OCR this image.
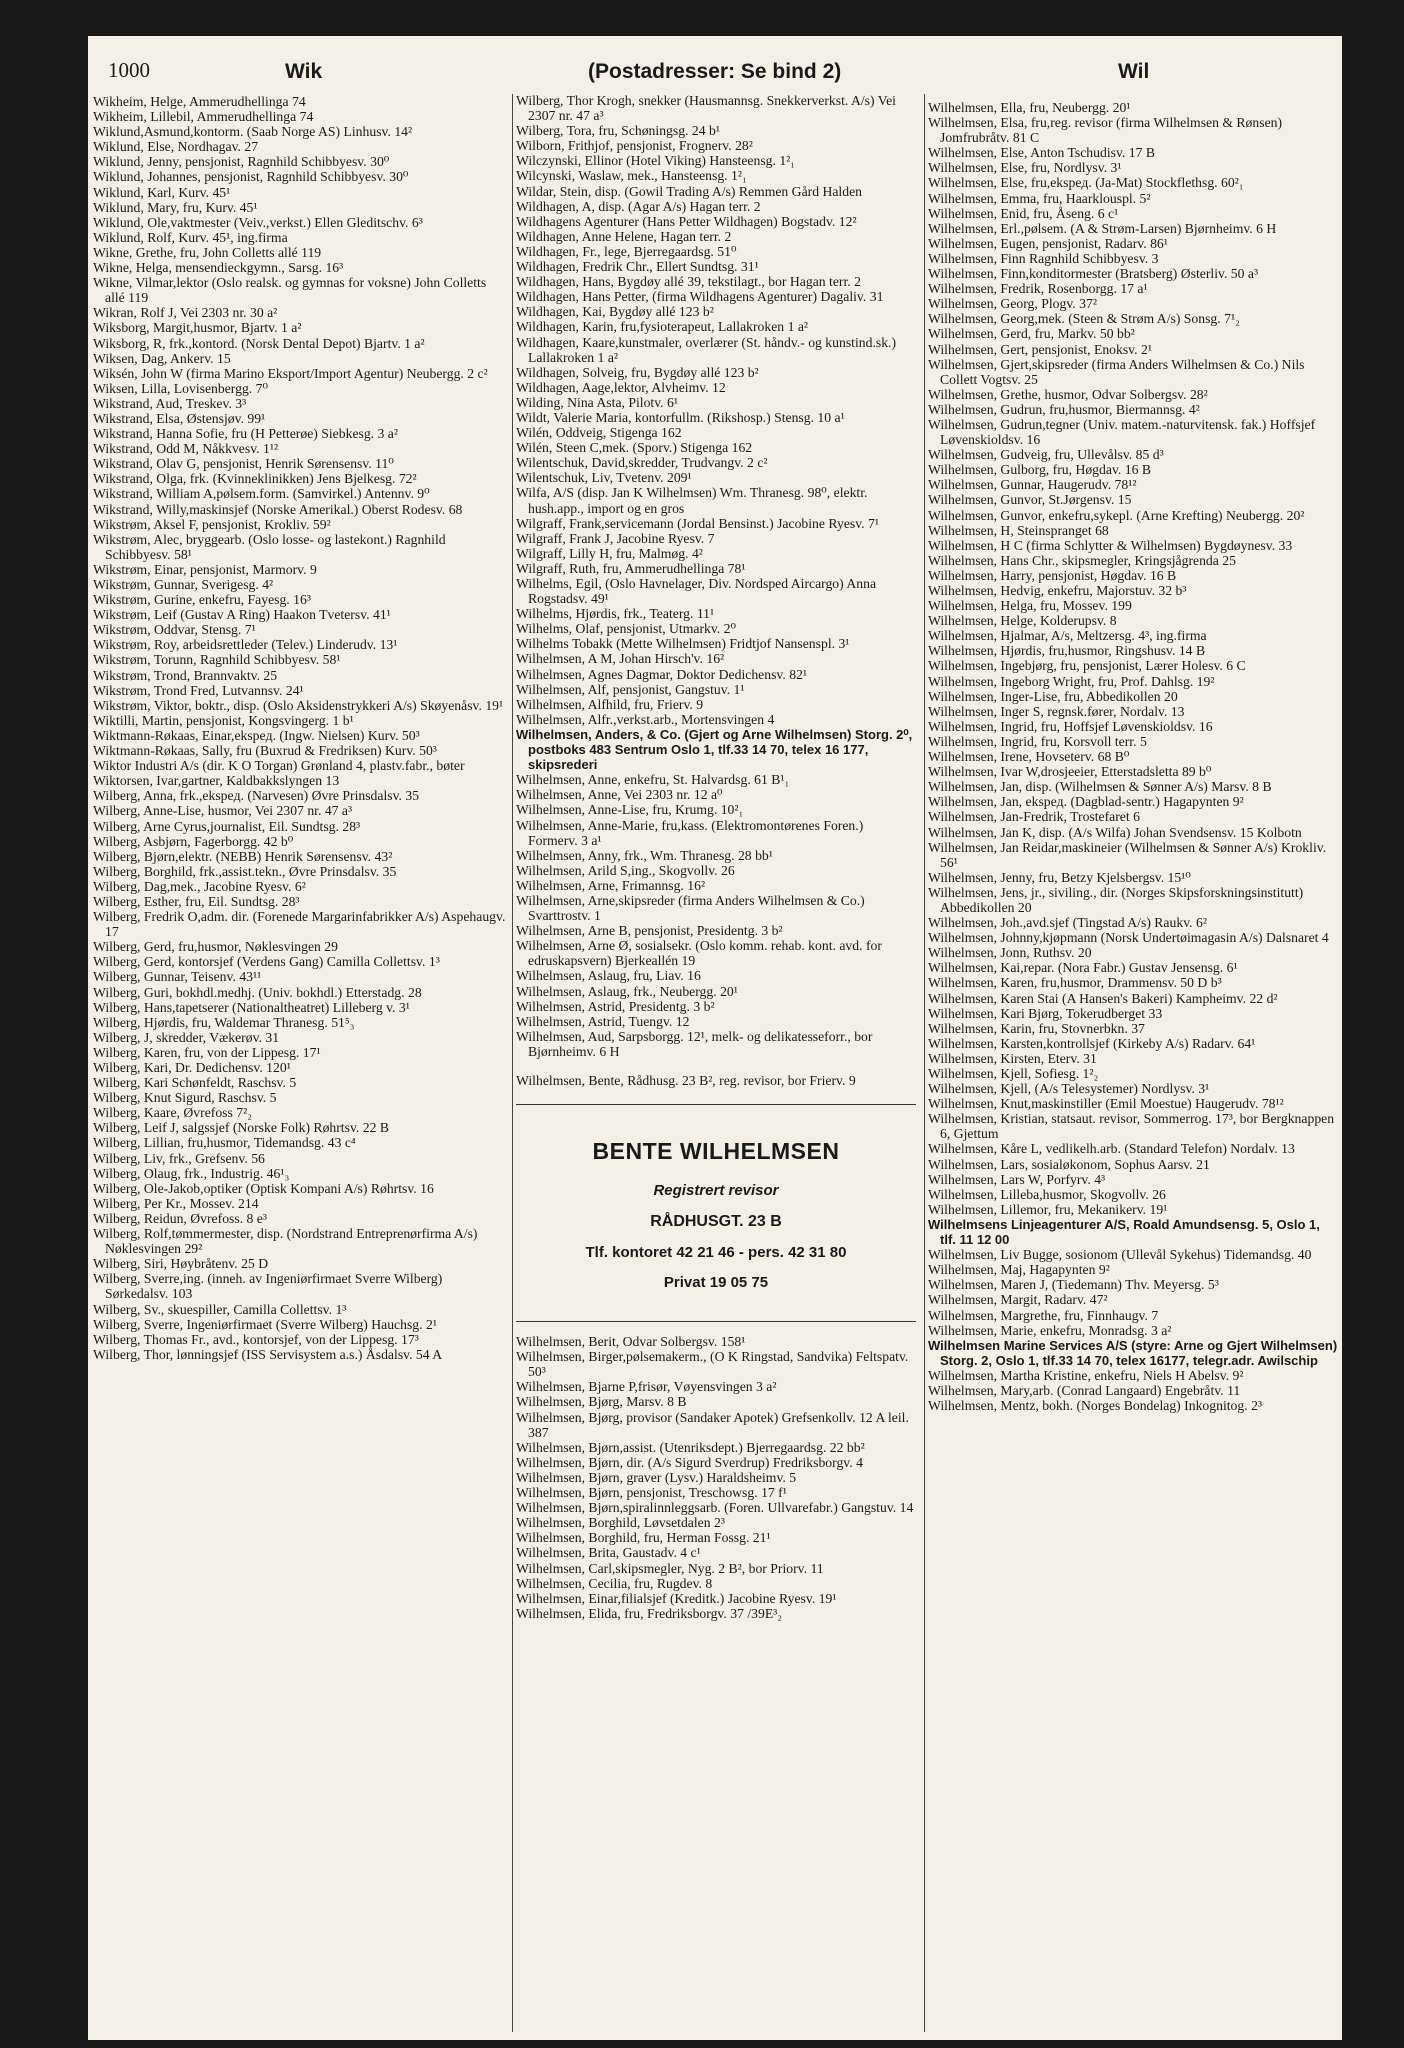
1000	Wik	(Postadresser: Se bind 2)	Wil
Wikheim, Helge, Ammerudhellinga 74
Wikheim, Lillebil, Ammerudhellinga 74
Wiklund,Asmund,kontorm. (Saab Norge AS) Linhusv. 14²
Wiklund, Else, Nordhagav. 27
Wiklund, Jenny, pensjonist, Ragnhild Schibbyesv. 30⁰
Wiklund, Johannes, pensjonist, Ragnhild Schibbyesv. 30⁰
Wiklund, Karl, Kurv. 45¹
Wiklund, Mary, fru, Kurv. 45¹
Wiklund, Ole,vaktmester (Veiv.,verkst.) Ellen Gleditschv. 6³
Wiklund, Rolf, Kurv. 45¹, ing.firma
Wikne, Grethe, fru, John Colletts allé 119
Wikne, Helga, mensendieckgymn., Sarsg. 16³
Wikne, Vilmar,lektor (Oslo realsk. og gymnas for voksne) John Colletts allé 119
Wikran, Rolf J, Vei 2303 nr. 30 a²
Wiksborg, Margit,husmor, Bjartv. 1 a²
Wiksborg, R, frk.,kontord. (Norsk Dental Depot) Bjartv. 1 a²
Wiksen, Dag, Ankerv. 15
Wiksén, John W (firma Marino Eksport/Import Agentur) Neubergg. 2 c²
Wiksen, Lilla, Lovisenbergg. 7⁰
Wikstrand, Aud, Treskev. 3³
Wikstrand, Elsa, Østensjøv. 99¹
Wikstrand, Hanna Sofie, fru (H Petterøe) Siebkesg. 3 a²
Wikstrand, Odd M, Nåkkvesv. 1¹²
Wikstrand, Olav G, pensjonist, Henrik Sørensensv. 11⁰
Wikstrand, Olga, frk. (Kvinneklinikken) Jens Bjelkesg. 72²
Wikstrand, William A,pølsem.form. (Samvirkel.) Antennv. 9⁰
Wikstrand, Willy,maskinsjef (Norske Amerikal.) Oberst Rodesv. 68
Wikstrøm, Aksel F, pensjonist, Krokliv. 59²
Wikstrøm, Alec, bryggearb. (Oslo losse- og lastekont.) Ragnhild Schibbyesv. 58¹
Wikstrøm, Einar, pensjonist, Marmorv. 9
Wikstrøm, Gunnar, Sverigesg. 4²
Wikstrøm, Gurine, enkefru, Fayesg. 16³
Wikstrøm, Leif (Gustav A Ring) Haakon Tvetersv. 41¹
Wikstrøm, Oddvar, Stensg. 7¹
Wikstrøm, Roy, arbeidsrettleder (Telev.) Linderudv. 13¹
Wikstrøm, Torunn, Ragnhild Schibbyesv. 58¹
Wikstrøm, Trond, Brannvaktv. 25
Wikstrøm, Trond Fred, Lutvannsv. 24¹
Wikstrøm, Viktor, boktr., disp. (Oslo Aksidenstrykkeri A/s) Skøyenåsv. 19¹
Wiktilli, Martin, pensjonist, Kongsvingerg. 1 b¹
Wiktmann-Røkaas, Einar,ekspeд. (Ingw. Nielsen) Kurv. 50³
Wiktmann-Røkaas, Sally, fru (Buxrud & Fredriksen) Kurv. 50³
Wiktor Industri A/s (dir. K O Torgan) Grønland 4, plastv.fabr., bøter
Wiktorsen, Ivar,gartner, Kaldbakkslyngen 13
Wilberg, Anna, frk.,ekspeд. (Narvesen) Øvre Prinsdalsv. 35
Wilberg, Anne-Lise, husmor, Vei 2307 nr. 47 a³
Wilberg, Arne Cyrus,journalist, Eil. Sundtsg. 28³
Wilberg, Asbjørn, Fagerborgg. 42 b⁰
Wilberg, Bjørn,elektr. (NEBB) Henrik Sørensensv. 43²
Wilberg, Borghild, frk.,assist.tekn., Øvre Prinsdalsv. 35
Wilberg, Dag,mek., Jacobine Ryesv. 6²
Wilberg, Esther, fru, Eil. Sundtsg. 28³
Wilberg, Fredrik O,adm. dir. (Forenede Margarinfabrikker A/s) Aspehaugv. 17
Wilberg, Gerd, fru,husmor, Nøklesvingen 29
Wilberg, Gerd, kontorsjef (Verdens Gang) Camilla Collettsv. 1³
Wilberg, Gunnar, Teisenv. 43¹¹
Wilberg, Guri, bokhdl.medhj. (Univ. bokhdl.) Etterstadg. 28
Wilberg, Hans,tapetserer (Nationaltheatret) Lilleberg v. 3¹
Wilberg, Hjørdis, fru, Waldemar Thranesg. 51⁵₃
Wilberg, J, skredder, Vækerøv. 31
Wilberg, Karen, fru, von der Lippesg. 17¹
Wilberg, Kari, Dr. Dedichensv. 120¹
Wilberg, Kari Schønfeldt, Raschsv. 5
Wilberg, Knut Sigurd, Raschsv. 5
Wilberg, Kaare, Øvrefoss 7²₂
Wilberg, Leif J, salgssjef (Norske Folk) Røhrtsv. 22 B
Wilberg, Lillian, fru,husmor, Tidemandsg. 43 c⁴
Wilberg, Liv, frk., Grefsenv. 56
Wilberg, Olaug, frk., Industrig. 46¹₃
Wilberg, Ole-Jakob,optiker (Optisk Kompani A/s) Røhrtsv. 16
Wilberg, Per Kr., Mossev. 214
Wilberg, Reidun, Øvrefoss. 8 e³
Wilberg, Rolf,tømmermester, disp. (Nordstrand Entreprenørfirma A/s) Nøklesvingen 29²
Wilberg, Siri, Høybråtenv. 25 D
Wilberg, Sverre,ing. (inneh. av Ingeniørfirmaet Sverre Wilberg) Sørkedalsv. 103
Wilberg, Sv., skuespiller, Camilla Collettsv. 1³
Wilberg, Sverre, Ingeniørfirmaet (Sverre Wilberg) Hauchsg. 2¹
Wilberg, Thomas Fr., avd., kontorsjef, von der Lippesg. 17³
Wilberg, Thor, lønningsjef (ISS Servisystem a.s.) Åsdalsv. 54 A
Wilberg, Thor Krogh, snekker (Hausmannsg. Snekkerverkst. A/s) Vei 2307 nr. 47 a³
Wilberg, Tora, fru, Schøningsg. 24 b¹
Wilborn, Frithjof, pensjonist, Frognerv. 28²
Wilczynski, Ellinor (Hotel Viking) Hansteensg. 1²₁
Wilcynski, Waslaw, mek., Hansteensg. 1²₁
Wildar, Stein, disp. (Gowil Trading A/s) Remmen Gård Halden
Wildhagen, A, disp. (Agar A/s) Hagan terr. 2
Wildhagens Agenturer (Hans Petter Wildhagen) Bogstadv. 12²
Wildhagen, Anne Helene, Hagan terr. 2
Wildhagen, Fr., lege, Bjerregaardsg. 51⁰
Wildhagen, Fredrik Chr., Ellert Sundtsg. 31¹
Wildhagen, Hans, Bygdøy allé 39, tekstilagt., bor Hagan terr. 2
Wildhagen, Hans Petter, (firma Wildhagens Agenturer) Dagaliv. 31
Wildhagen, Kai, Bygdøy allé 123 b²
Wildhagen, Karin, fru,fysioterapeut, Lallakroken 1 a²
Wildhagen, Kaare,kunstmaler, overlærer (St. håndv.- og kunstind.sk.) Lallakroken 1 a²
Wildhagen, Solveig, fru, Bygdøy allé 123 b²
Wildhagen, Aage,lektor, Alvheimv. 12
Wilding, Nina Asta, Pilotv. 6¹
Wildt, Valerie Maria, kontorfullm. (Rikshosp.) Stensg. 10 a¹
Wilén, Oddveig, Stigenga 162
Wilén, Steen C,mek. (Sporv.) Stigenga 162
Wilentschuk, David,skredder, Trudvangv. 2 c²
Wilentschuk, Liv, Tvetenv. 209¹
Wilfa, A/S (disp. Jan K Wilhelmsen) Wm. Thranesg. 98⁰, elektr. hush.app., import og en gros
Wilgraff, Frank,servicemann (Jordal Bensinst.) Jacobine Ryesv. 7¹
Wilgraff, Frank J, Jacobine Ryesv. 7
Wilgraff, Lilly H, fru, Malmøg. 4²
Wilgraff, Ruth, fru, Ammerudhellinga 78¹
Wilhelms, Egil, (Oslo Havnelager, Div. Nordsped Aircargo) Anna Rogstadsv. 49¹
Wilhelms, Hjørdis, frk., Teaterg. 11¹
Wilhelms, Olaf, pensjonist, Utmarkv. 2⁰
Wilhelms Tobakk (Mette Wilhelmsen) Fridtjof Nansenspl. 3¹
Wilhelmsen, A M, Johan Hirsch'v. 16²
Wilhelmsen, Agnes Dagmar, Doktor Dedichensv. 82¹
Wilhelmsen, Alf, pensjonist, Gangstuv. 1¹
Wilhelmsen, Alfhild, fru, Frierv. 9
Wilhelmsen, Alfr.,verkst.arb., Mortensvingen 4
Wilhelmsen, Anders, & Co. (Gjert og Arne Wilhelmsen) Storg. 2⁰, postboks 483 Sentrum Oslo 1, tlf.33 14 70, telex 16 177, skipsrederi
Wilhelmsen, Anne, enkefru, St. Halvardsg. 61 B¹₁
Wilhelmsen, Anne, Vei 2303 nr. 12 a⁰
Wilhelmsen, Anne-Lise, fru, Krumg. 10²₁
Wilhelmsen, Anne-Marie, fru,kass. (Elektromontørenes Foren.) Formerv. 3 a¹
Wilhelmsen, Anny, frk., Wm. Thranesg. 28 bb¹
Wilhelmsen, Arild S,ing., Skogvollv. 26
Wilhelmsen, Arne, Frimannsg. 16²
Wilhelmsen, Arne,skipsreder (firma Anders Wilhelmsen & Co.) Svarttrostv. 1
Wilhelmsen, Arne B, pensjonist, Presidentg. 3 b²
Wilhelmsen, Arne Ø, sosialsekr. (Oslo komm. rehab. kont. avd. for edruskapsvern) Bjerkeallén 19
Wilhelmsen, Aslaug, fru, Liav. 16
Wilhelmsen, Aslaug, frk., Neubergg. 20¹
Wilhelmsen, Astrid, Presidentg. 3 b²
Wilhelmsen, Astrid, Tuengv. 12
Wilhelmsen, Aud, Sarpsborgg. 12¹, melk- og delikatesseforr., bor Bjørnheimv. 6 H
Wilhelmsen, Bente, Rådhusg. 23 B², reg. revisor, bor Frierv. 9
BENTE WILHELMSEN
Registrert revisor
RÅDHUSGT. 23 B
Tlf. kontoret 42 21 46 - pers. 42 31 80
Privat 19 05 75
Wilhelmsen, Berit, Odvar Solbergsv. 158¹
Wilhelmsen, Birger,pølsemakerm., (O K Ringstad, Sandvika) Feltspatv. 50³
Wilhelmsen, Bjarne P,frisør, Vøyensvingen 3 a²
Wilhelmsen, Bjørg, Marsv. 8 B
Wilhelmsen, Bjørg, provisor (Sandaker Apotek) Grefsenkollv. 12 A leil. 387
Wilhelmsen, Bjørn,assist. (Utenriksdept.) Bjerregaardsg. 22 bb²
Wilhelmsen, Bjørn, dir. (A/s Sigurd Sverdrup) Fredriksborgv. 4
Wilhelmsen, Bjørn, graver (Lysv.) Haraldsheimv. 5
Wilhelmsen, Bjørn, pensjonist, Treschowsg. 17 f¹
Wilhelmsen, Bjørn,spiralinnleggsarb. (Foren. Ullvarefabr.) Gangstuv. 14
Wilhelmsen, Borghild, Løvsetdalen 2³
Wilhelmsen, Borghild, fru, Herman Fossg. 21¹
Wilhelmsen, Brita, Gaustadv. 4 c¹
Wilhelmsen, Carl,skipsmegler, Nyg. 2 B², bor Priorv. 11
Wilhelmsen, Cecilia, fru, Rugdev. 8
Wilhelmsen, Einar,filialsjef (Kreditk.) Jacobine Ryesv. 19¹
Wilhelmsen, Elida, fru, Fredriksborgv. 37 /39E³₂
Wilhelmsen, Ella, fru, Neubergg. 20¹
Wilhelmsen, Elsa, fru,reg. revisor (firma Wilhelmsen & Rønsen) Jomfrubråtv. 81 C
Wilhelmsen, Else, Anton Tschudisv. 17 B
Wilhelmsen, Else, fru, Nordlysv. 3¹
Wilhelmsen, Else, fru,ekspeд. (Ja-Mat) Stockflethsg. 60²₁
Wilhelmsen, Emma, fru, Haarklouspl. 5²
Wilhelmsen, Enid, fru, Åseng. 6 c¹
Wilhelmsen, Erl.,pølsem. (A & Strøm-Larsen) Bjørnheimv. 6 H
Wilhelmsen, Eugen, pensjonist, Radarv. 86¹
Wilhelmsen, Finn Ragnhild Schibbyesv. 3
Wilhelmsen, Finn,konditormester (Bratsberg) Østerliv. 50 a³
Wilhelmsen, Fredrik, Rosenborgg. 17 a¹
Wilhelmsen, Georg, Plogv. 37²
Wilhelmsen, Georg,mek. (Steen & Strøm A/s) Sonsg. 7¹₂
Wilhelmsen, Gerd, fru, Markv. 50 bb²
Wilhelmsen, Gert, pensjonist, Enoksv. 2¹
Wilhelmsen, Gjert,skipsreder (firma Anders Wilhelmsen & Co.) Nils Collett Vogtsv. 25
Wilhelmsen, Grethe, husmor, Odvar Solbergsv. 28²
Wilhelmsen, Gudrun, fru,husmor, Biermannsg. 4²
Wilhelmsen, Gudrun,tegner (Univ. matem.-naturvitensk. fak.) Hoffsjef Løvenskioldsv. 16
Wilhelmsen, Gudveig, fru, Ullevålsv. 85 d³
Wilhelmsen, Gulborg, fru, Høgdav. 16 B
Wilhelmsen, Gunnar, Haugerudv. 78¹²
Wilhelmsen, Gunvor, St.Jørgensv. 15
Wilhelmsen, Gunvor, enkefru,sykepl. (Arne Krefting) Neubergg. 20²
Wilhelmsen, H, Steinspranget 68
Wilhelmsen, H C (firma Schlytter & Wilhelmsen) Bygdøynesv. 33
Wilhelmsen, Hans Chr., skipsmegler, Kringsjågrenda 25
Wilhelmsen, Harry, pensjonist, Høgdav. 16 B
Wilhelmsen, Hedvig, enkefru, Majorstuv. 32 b³
Wilhelmsen, Helga, fru, Mossev. 199
Wilhelmsen, Helge, Kolderupsv. 8
Wilhelmsen, Hjalmar, A/s, Meltzersg. 4³, ing.firma
Wilhelmsen, Hjørdis, fru,husmor, Ringshusv. 14 B
Wilhelmsen, Ingebjørg, fru, pensjonist, Lærer Holesv. 6 C
Wilhelmsen, Ingeborg Wright, fru, Prof. Dahlsg. 19²
Wilhelmsen, Inger-Lise, fru, Abbedikollen 20
Wilhelmsen, Inger S, regnsk.fører, Nordalv. 13
Wilhelmsen, Ingrid, fru, Hoffsjef Løvenskioldsv. 16
Wilhelmsen, Ingrid, fru, Korsvoll terr. 5
Wilhelmsen, Irene, Hovseterv. 68 B⁰
Wilhelmsen, Ivar W,drosjeeier, Etterstadsletta 89 b⁰
Wilhelmsen, Jan, disp. (Wilhelmsen & Sønner A/s) Marsv. 8 B
Wilhelmsen, Jan, ekspeд. (Dagblad-sentr.) Hagapynten 9²
Wilhelmsen, Jan-Fredrik, Trostefaret 6
Wilhelmsen, Jan K, disp. (A/s Wilfa) Johan Svendsensv. 15 Kolbotn
Wilhelmsen, Jan Reidar,maskineier (Wilhelmsen & Sønner A/s) Krokliv. 56¹
Wilhelmsen, Jenny, fru, Betzy Kjelsbergsv. 15¹⁰
Wilhelmsen, Jens, jr., siviling., dir. (Norges Skipsforskningsinstitutt) Abbedikollen 20
Wilhelmsen, Joh.,avd.sjef (Tingstad A/s) Raukv. 6²
Wilhelmsen, Johnny,kjøpmann (Norsk Undertøimagasin A/s) Dalsnaret 4
Wilhelmsen, Jonn, Ruthsv. 20
Wilhelmsen, Kai,repar. (Nora Fabr.) Gustav Jensensg. 6¹
Wilhelmsen, Karen, fru,husmor, Drammensv. 50 D b³
Wilhelmsen, Karen Stai (A Hansen's Bakeri) Kampheimv. 22 d²
Wilhelmsen, Kari Bjørg, Tokerudberget 33
Wilhelmsen, Karin, fru, Stovnerbkn. 37
Wilhelmsen, Karsten,kontrollsjef (Kirkeby A/s) Radarv. 64¹
Wilhelmsen, Kirsten, Eterv. 31
Wilhelmsen, Kjell, Sofiesg. 1²₂
Wilhelmsen, Kjell, (A/s Telesystemer) Nordlysv. 3¹
Wilhelmsen, Knut,maskinstiller (Emil Moestue) Haugerudv. 78¹²
Wilhelmsen, Kristian, statsaut. revisor, Sommerrog. 17³, bor Bergknappen 6, Gjettum
Wilhelmsen, Kåre L, vedlikelh.arb. (Standard Telefon) Nordalv. 13
Wilhelmsen, Lars, sosialøkonom, Sophus Aarsv. 21
Wilhelmsen, Lars W, Porfyrv. 4³
Wilhelmsen, Lilleba,husmor, Skogvollv. 26
Wilhelmsen, Lillemor, fru, Mekanikerv. 19¹
Wilhelmsens Linjeagenturer A/S, Roald Amundsensg. 5, Oslo 1, tlf. 11 12 00
Wilhelmsen, Liv Bugge, sosionom (Ullevål Sykehus) Tidemandsg. 40
Wilhelmsen, Maj, Hagapynten 9²
Wilhelmsen, Maren J, (Tiedemann) Thv. Meyersg. 5³
Wilhelmsen, Margit, Radarv. 47²
Wilhelmsen, Margrethe, fru, Finnhaugv. 7
Wilhelmsen, Marie, enkefru, Monradsg. 3 a²
Wilhelmsen Marine Services A/S (styre: Arne og Gjert Wilhelmsen) Storg. 2, Oslo 1, tlf.33 14 70, telex 16177, telegr.adr. Awilschip
Wilhelmsen, Martha Kristine, enkefru, Niels H Abelsv. 9²
Wilhelmsen, Mary,arb. (Conrad Langaard) Engebråtv. 11
Wilhelmsen, Mentz, bokh. (Norges Bondelag) Inkognitog. 2³
